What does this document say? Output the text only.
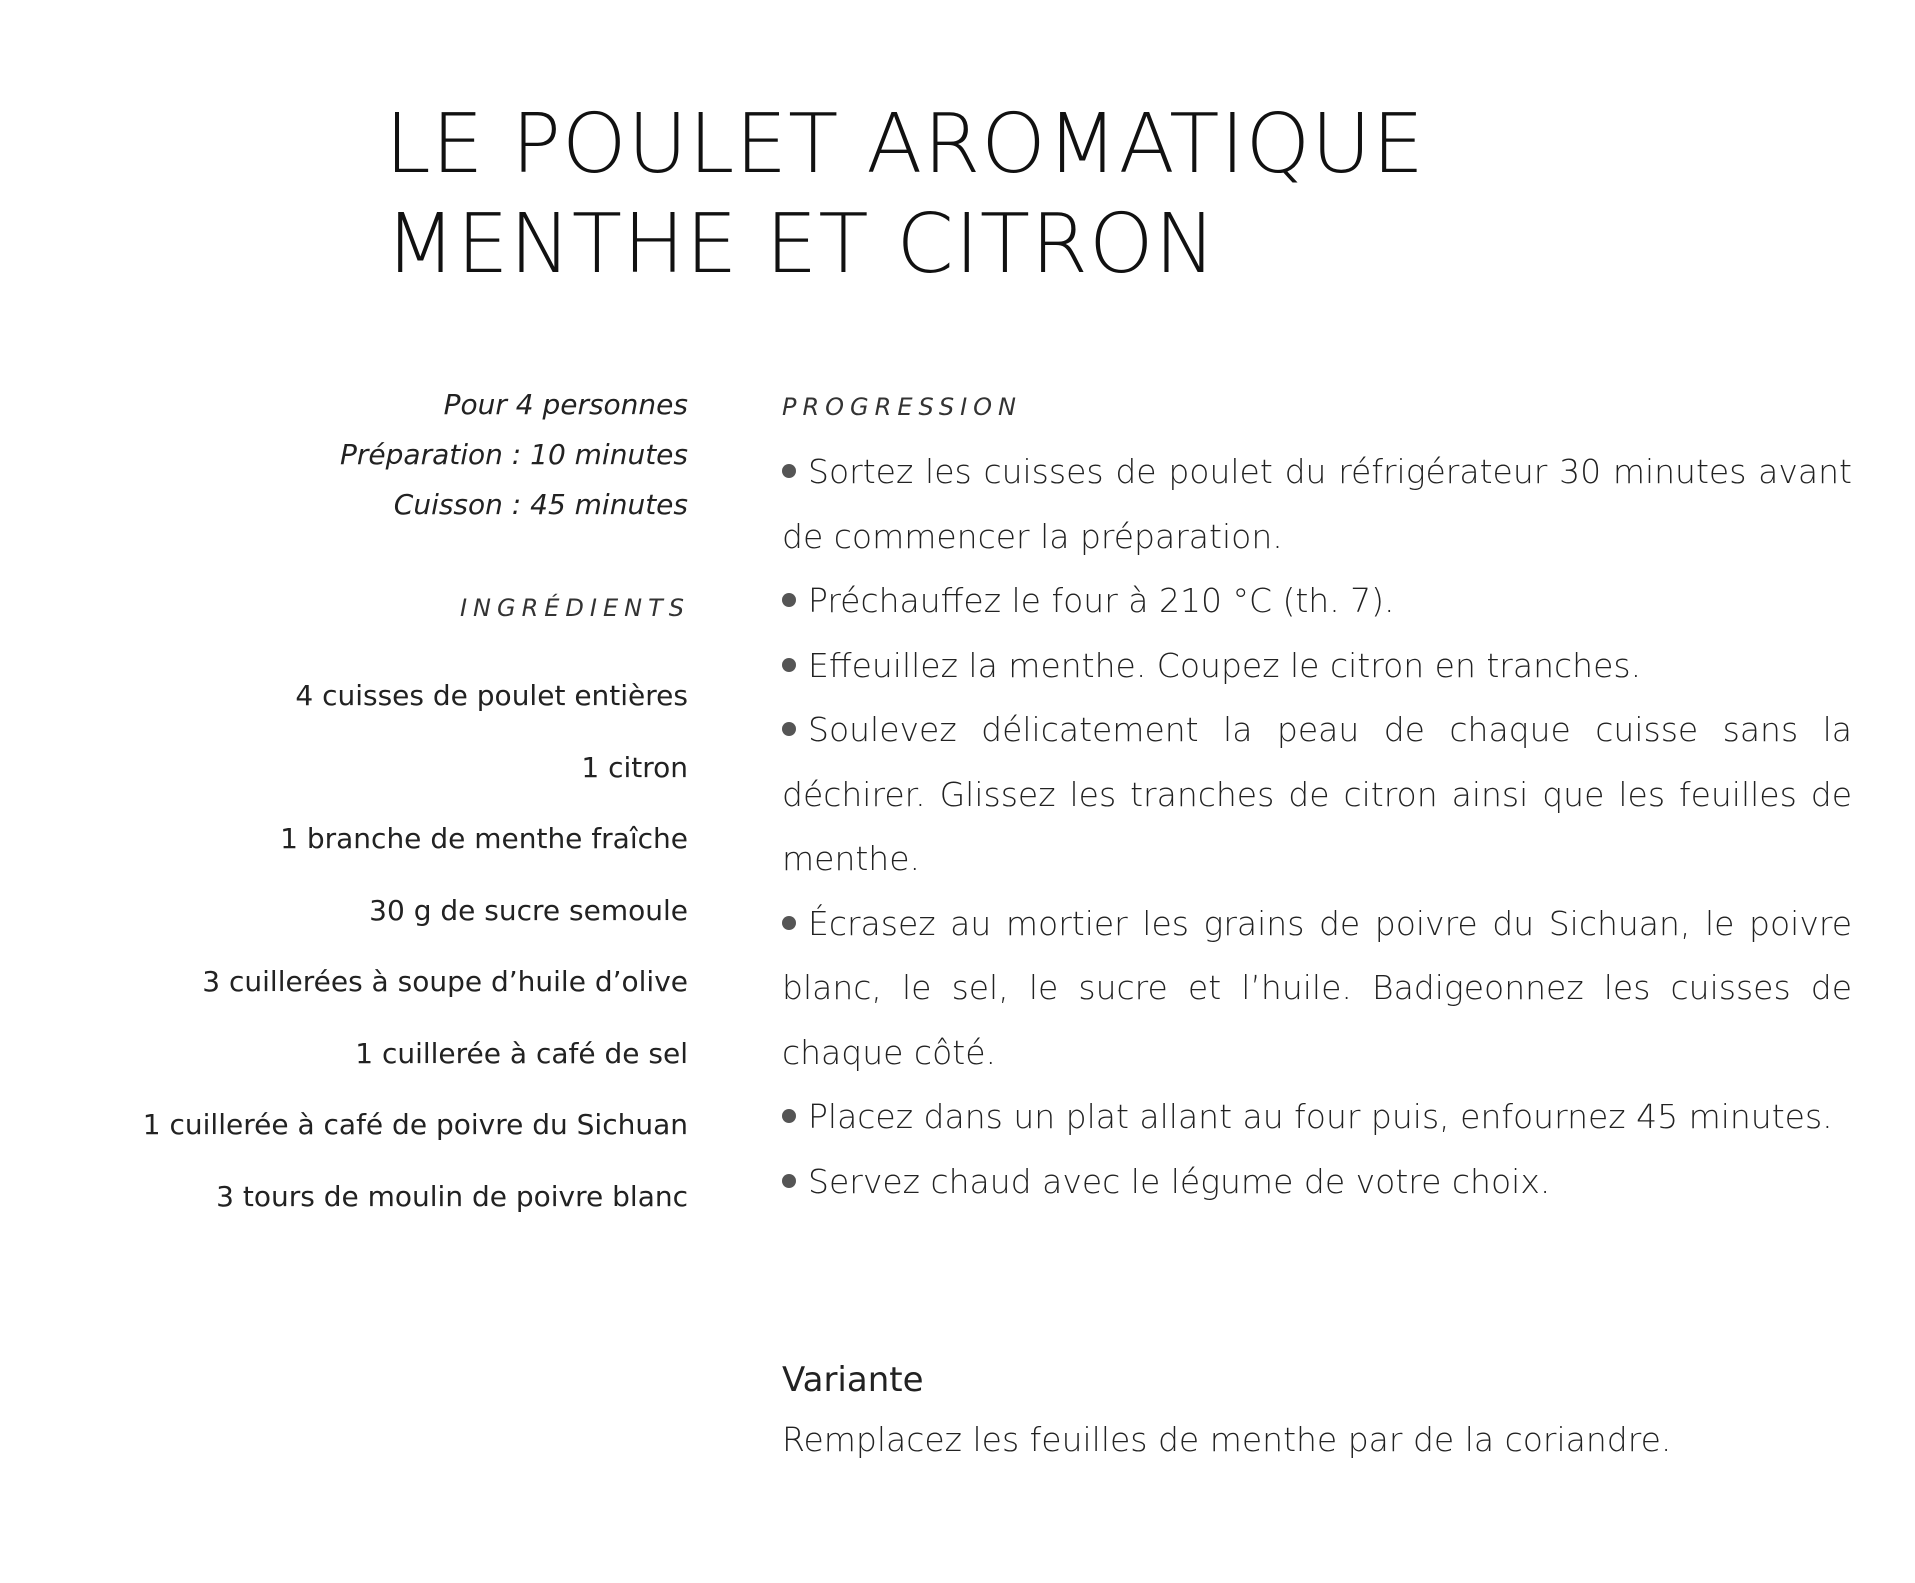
LE POULET AROMATIQUE
MENTHE ET CITRON
Pour 4 personnes
Préparation : 10 minutes
Cuisson : 45 minutes
INGRÉDIENTS
4 cuisses de poulet entières
1 citron
1 branche de menthe fraîche
30 g de sucre semoule
3 cuillerées à soupe d’huile d’olive
1 cuillerée à café de sel
1 cuillerée à café de poivre du Sichuan
3 tours de moulin de poivre blanc
PROGRESSION
Sortez les cuisses de poulet du réfrigérateur 30 minutes avant de commencer la préparation.
Préchauffez le four à 210 °C (th. 7).
Effeuillez la menthe. Coupez le citron en tranches.
Soulevez délicatement la peau de chaque cuisse sans la déchirer. Glissez les tranches de citron ainsi que les feuilles de menthe.
Écrasez au mortier les grains de poivre du Sichuan, le poivre blanc, le sel, le sucre et l’huile. Badigeonnez les cuisses de chaque côté.
Placez dans un plat allant au four puis, enfournez 45 minutes.
Servez chaud avec le légume de votre choix.
Variante
Remplacez les feuilles de menthe par de la coriandre.
